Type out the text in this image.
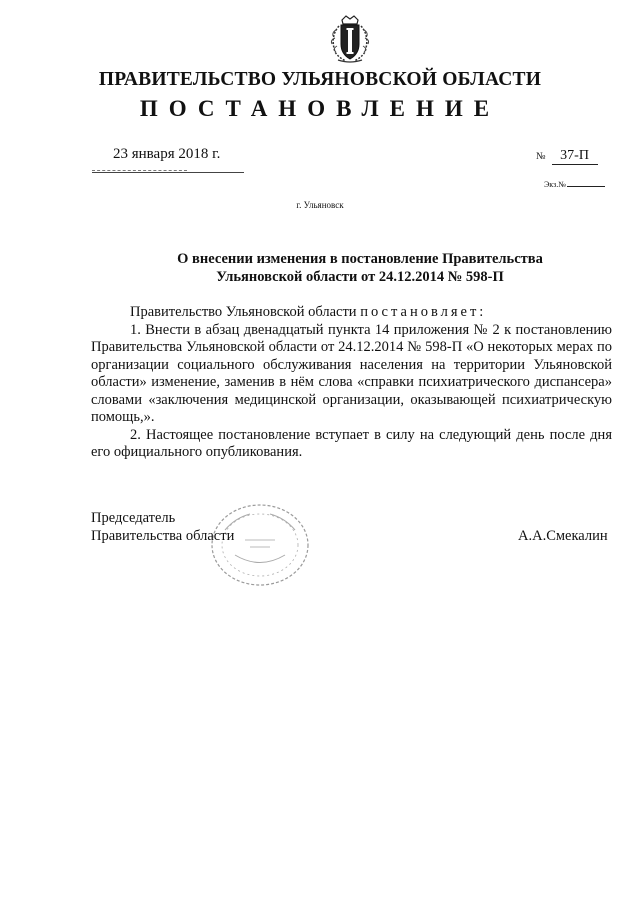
ПРАВИТЕЛЬСТВО УЛЬЯНОВСКОЙ ОБЛАСТИ
ПОСТАНОВЛЕНИЕ
23 января 2018 г.	№ 37-П
Экз.№
г. Ульяновск
О внесении изменения в постановление Правительства
Ульяновской области от 24.12.2014 № 598-П

Правительство Ульяновской области постановляет:

1. Внести в абзац двенадцатый пункта 14 приложения № 2 к постановлению Правительства Ульяновской области от 24.12.2014 № 598-П «О некоторых мерах по организации социального обслуживания населения на территории Ульяновской области» изменение, заменив в нём слова «справки психиатрического диспансера» словами «заключения медицинской организации, оказывающей психиатрическую помощь,».

2. Настоящее постановление вступает в силу на следующий день после дня его официального опубликования.

Председатель
Правительства области	А.А.Смекалин
